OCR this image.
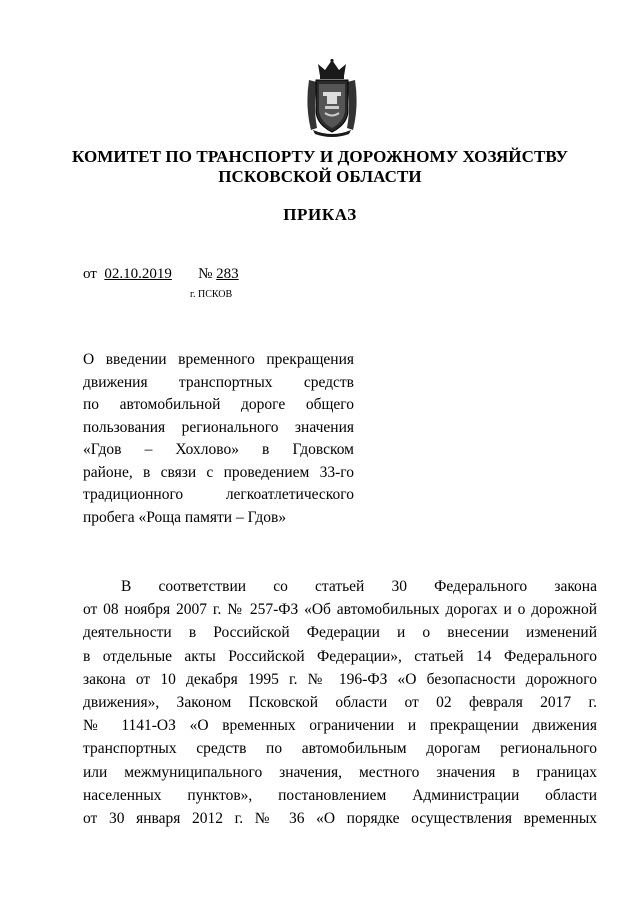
КОМИТЕТ ПО ТРАНСПОРТУ И ДОРОЖНОМУ ХОЗЯЙСТВУ
ПСКОВСКОЙ ОБЛАСТИ
ПРИКАЗ
от 02.10.2019 № 283
г. ПСКОВ
О введении временного прекращения
движения транспортных средств
по автомобильной дороге общего
пользования регионального значения
«Гдов – Хохлово» в Гдовском
районе, в связи с проведением 33-го
традиционного легкоатлетического
пробега «Роща памяти – Гдов»
В соответствии со статьей 30 Федерального закона
от 08 ноября 2007 г. № 257-ФЗ «Об автомобильных дорогах и о дорожной
деятельности в Российской Федерации и о внесении изменений
в отдельные акты Российской Федерации», статьей 14 Федерального
закона от 10 декабря 1995 г. № 196-ФЗ «О безопасности дорожного
движения», Законом Псковской области от 02 февраля 2017 г.
№ 1141-ОЗ «О временных ограничении и прекращении движения
транспортных средств по автомобильным дорогам регионального
или межмуниципального значения, местного значения в границах
населенных пунктов», постановлением Администрации области
от 30 января 2012 г. № 36 «О порядке осуществления временных
